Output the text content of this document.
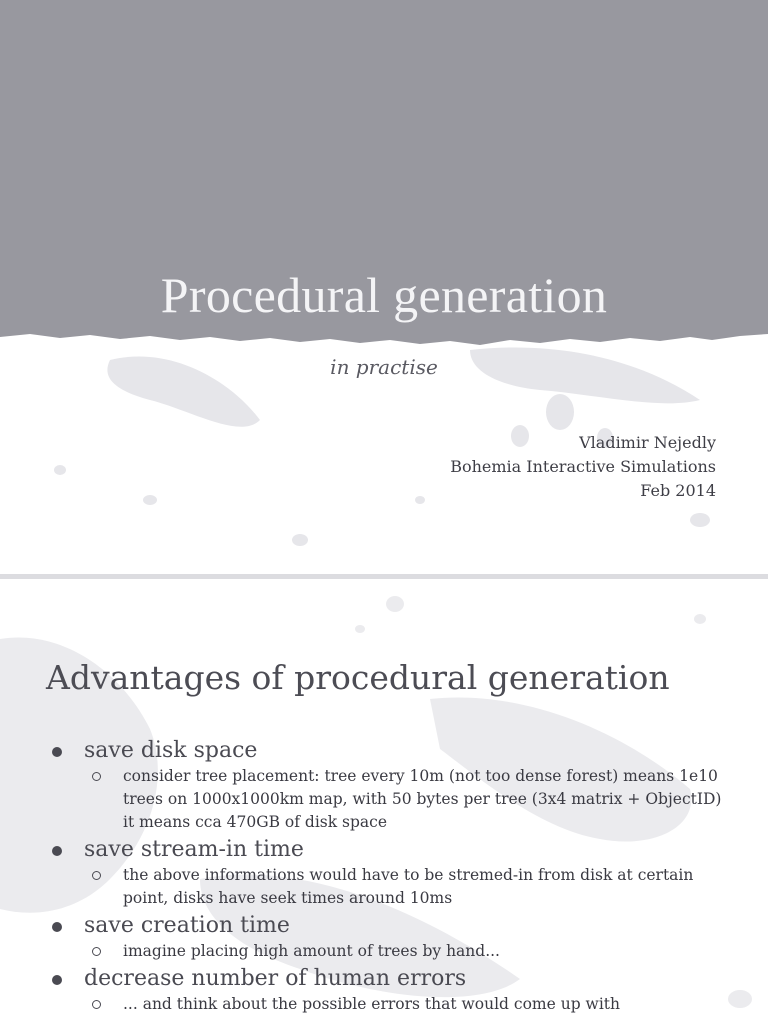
Procedural generation
in practise
Vladimir Nejedly
Bohemia Interactive Simulations
Feb 2014
Advantages of procedural generation
save disk space
consider tree placement: tree every 10m (not too dense forest) means 1e10 trees on 1000x1000km map, with 50 bytes per tree (3x4 matrix + ObjectID) it means cca 470GB of disk space
save stream-in time
the above informations would have to be stremed-in from disk at certain point, disks have seek times around 10ms
save creation time
imagine placing high amount of trees by hand...
decrease number of human errors
... and think about the possible errors that would come up with
